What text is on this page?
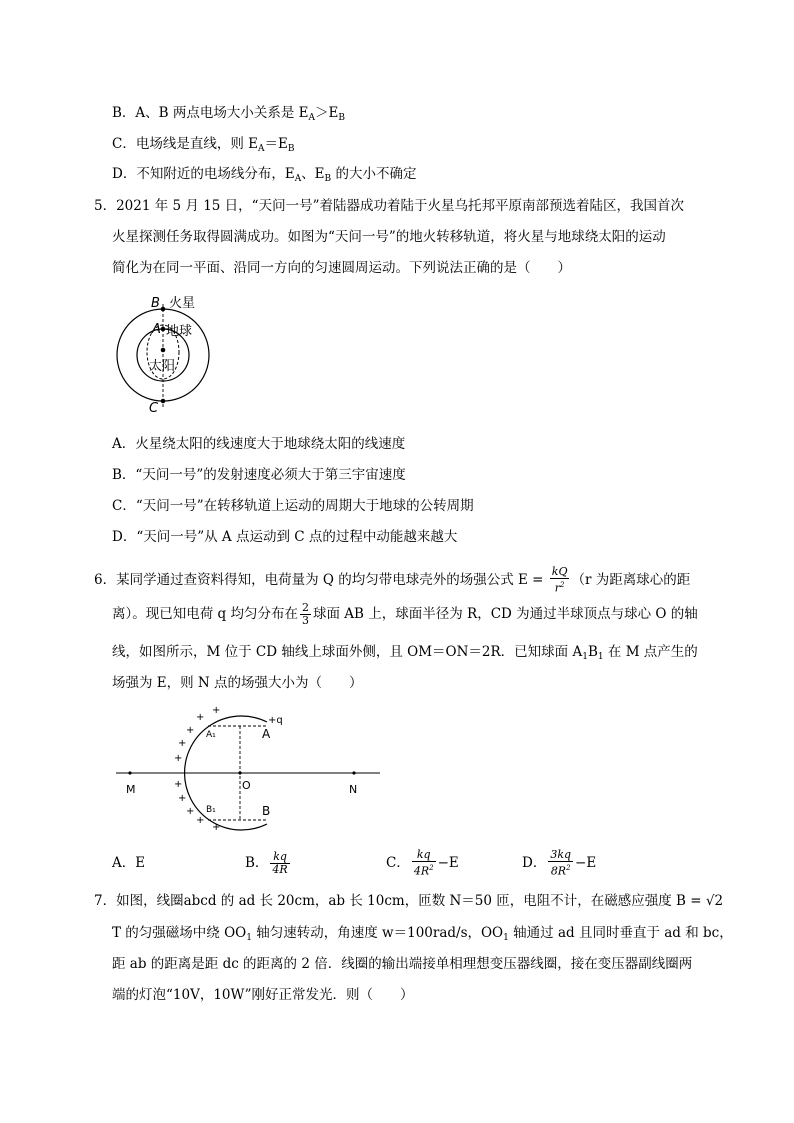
B．A、B 两点电场大小关系是 $E_A>E_B$
C．电场线是直线，则 $E_A=E_B$
D．不知附近的电场线分布，$E_A$、$E_B$ 的大小不确定
5．2021 年 5 月 15 日，“天问一号”着陆器成功着陆于火星乌托邦平原南部预选着陆区，我国首次
火星探测任务取得圆满成功。如图为“天问一号”的地火转移轨道，将火星与地球绕太阳的运动
简化为在同一平面、沿同一方向的匀速圆周运动。下列说法正确的是（　　）
B 火星
A 地球
太阳
C
A．火星绕太阳的线速度大于地球绕太阳的线速度
B．“天问一号”的发射速度必须大于第三宇宙速度
C．“天问一号”在转移轨道上运动的周期大于地球的公转周期
D．“天问一号”从 A 点运动到 C 点的过程中动能越来越大
6．某同学通过查资料得知，电荷量为 Q 的均匀带电球壳外的场强公式 $E = \frac{kQ}{r^2} (r$ 为距离球心的距
离）。现已知电荷 q 均匀分布在 $\frac{2}{3}$ 球面 AB 上，球面半径为 R，CD 为通过半球顶点与球心 O 的轴
线，如图所示，M 位于 CD 轴线上球面外侧，且 OM＝ON＝2R．已知球面 $A_1B_1$ 在 M 点产生的
场强为 E，则 N 点的场强大小为（　　）
+
+
+
+
+
+
+
+
+
+
+q
A₁	A
O
M	N
B₁	B
A．E	B． $\frac{kq}{4R}$	C． $\frac{kq}{4R^2} -E$	D． $\frac{3kq}{8R^2} -E$
7．如图，线圈abcd 的 ad 长 20cm，ab 长 10cm，匝数 N＝50 匝，电阻不计，在磁感应强度 B = √2
T 的匀强磁场中绕 $OO_1$ 轴匀速转动，角速度 w＝100rad/s，$OO_1$ 轴通过 ad 且同时垂直于 ad 和 bc，
距 ab 的距离是距 dc 的距离的 2 倍．线圈的输出端接单相理想变压器线圈，接在变压器副线圈两
端的灯泡“10V，10W”刚好正常发光．则（　　）
